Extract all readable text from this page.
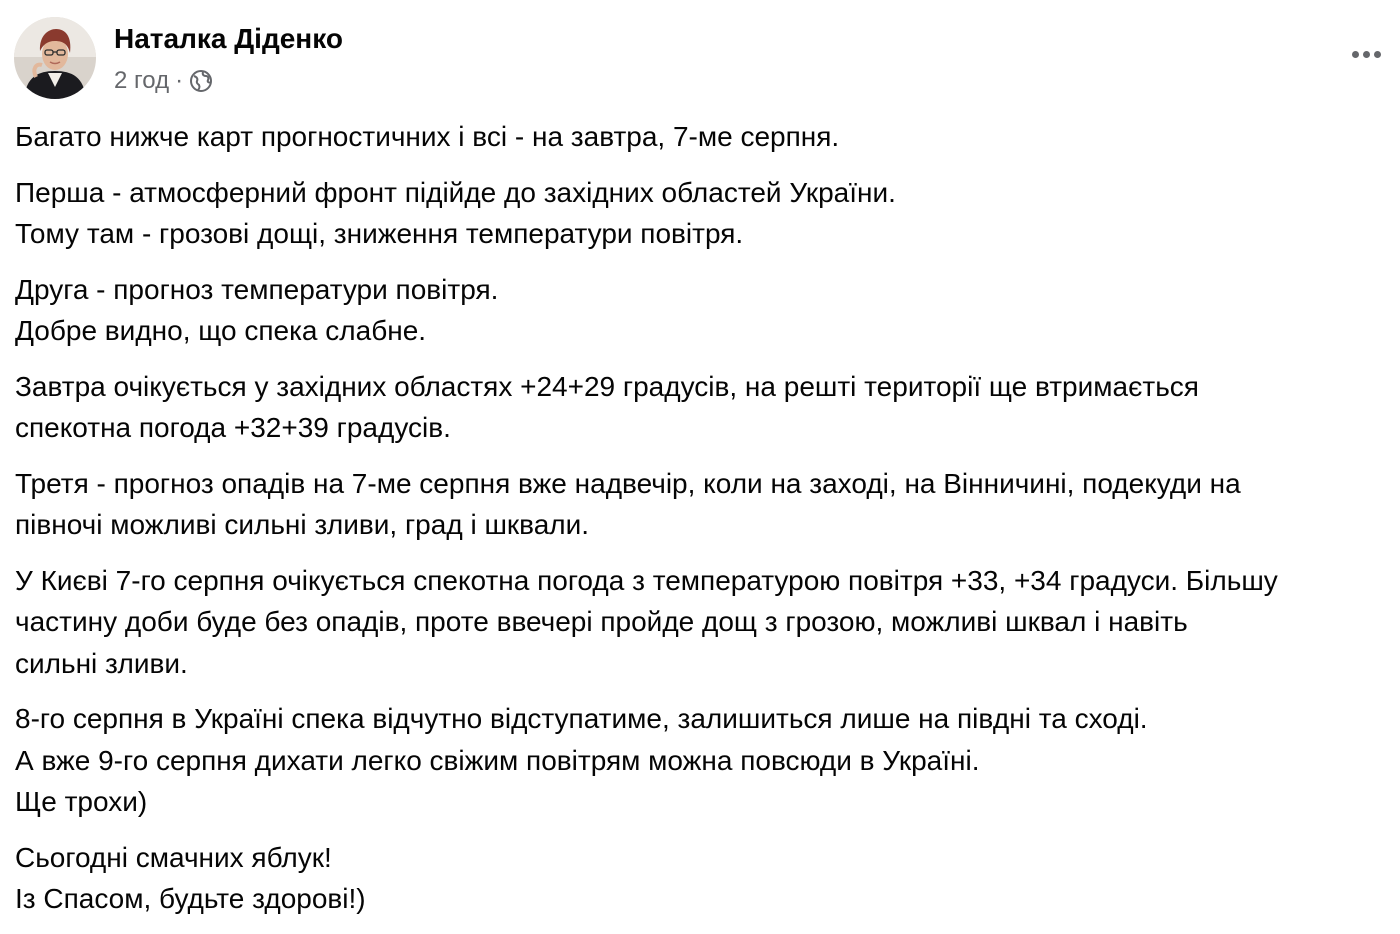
Наталка Діденко
2 год ·

Багато нижче карт прогностичних і всі - на завтра, 7-ме серпня.

Перша - атмосферний фронт підійде до західних областей України.
Тому там - грозові дощі, зниження температури повітря.

Друга - прогноз температури повітря.
Добре видно, що спека слабне.

Завтра очікується у західних областях +24+29 градусів, на решті території ще втримається
спекотна погода +32+39 градусів.

Третя - прогноз опадів на 7-ме серпня вже надвечір, коли на заході, на Вінничині, подекуди на
півночі можливі сильні зливи, град і шквали.

У Києві 7-го серпня очікується спекотна погода з температурою повітря +33, +34 градуси. Більшу
частину доби буде без опадів, проте ввечері пройде дощ з грозою, можливі шквал і навіть
сильні зливи.

8-го серпня в Україні спека відчутно відступатиме, залишиться лише на півдні та сході.
А вже 9-го серпня дихати легко свіжим повітрям можна повсюди в Україні.
Ще трохи)

Сьогодні смачних яблук!
Із Спасом, будьте здорові!)
